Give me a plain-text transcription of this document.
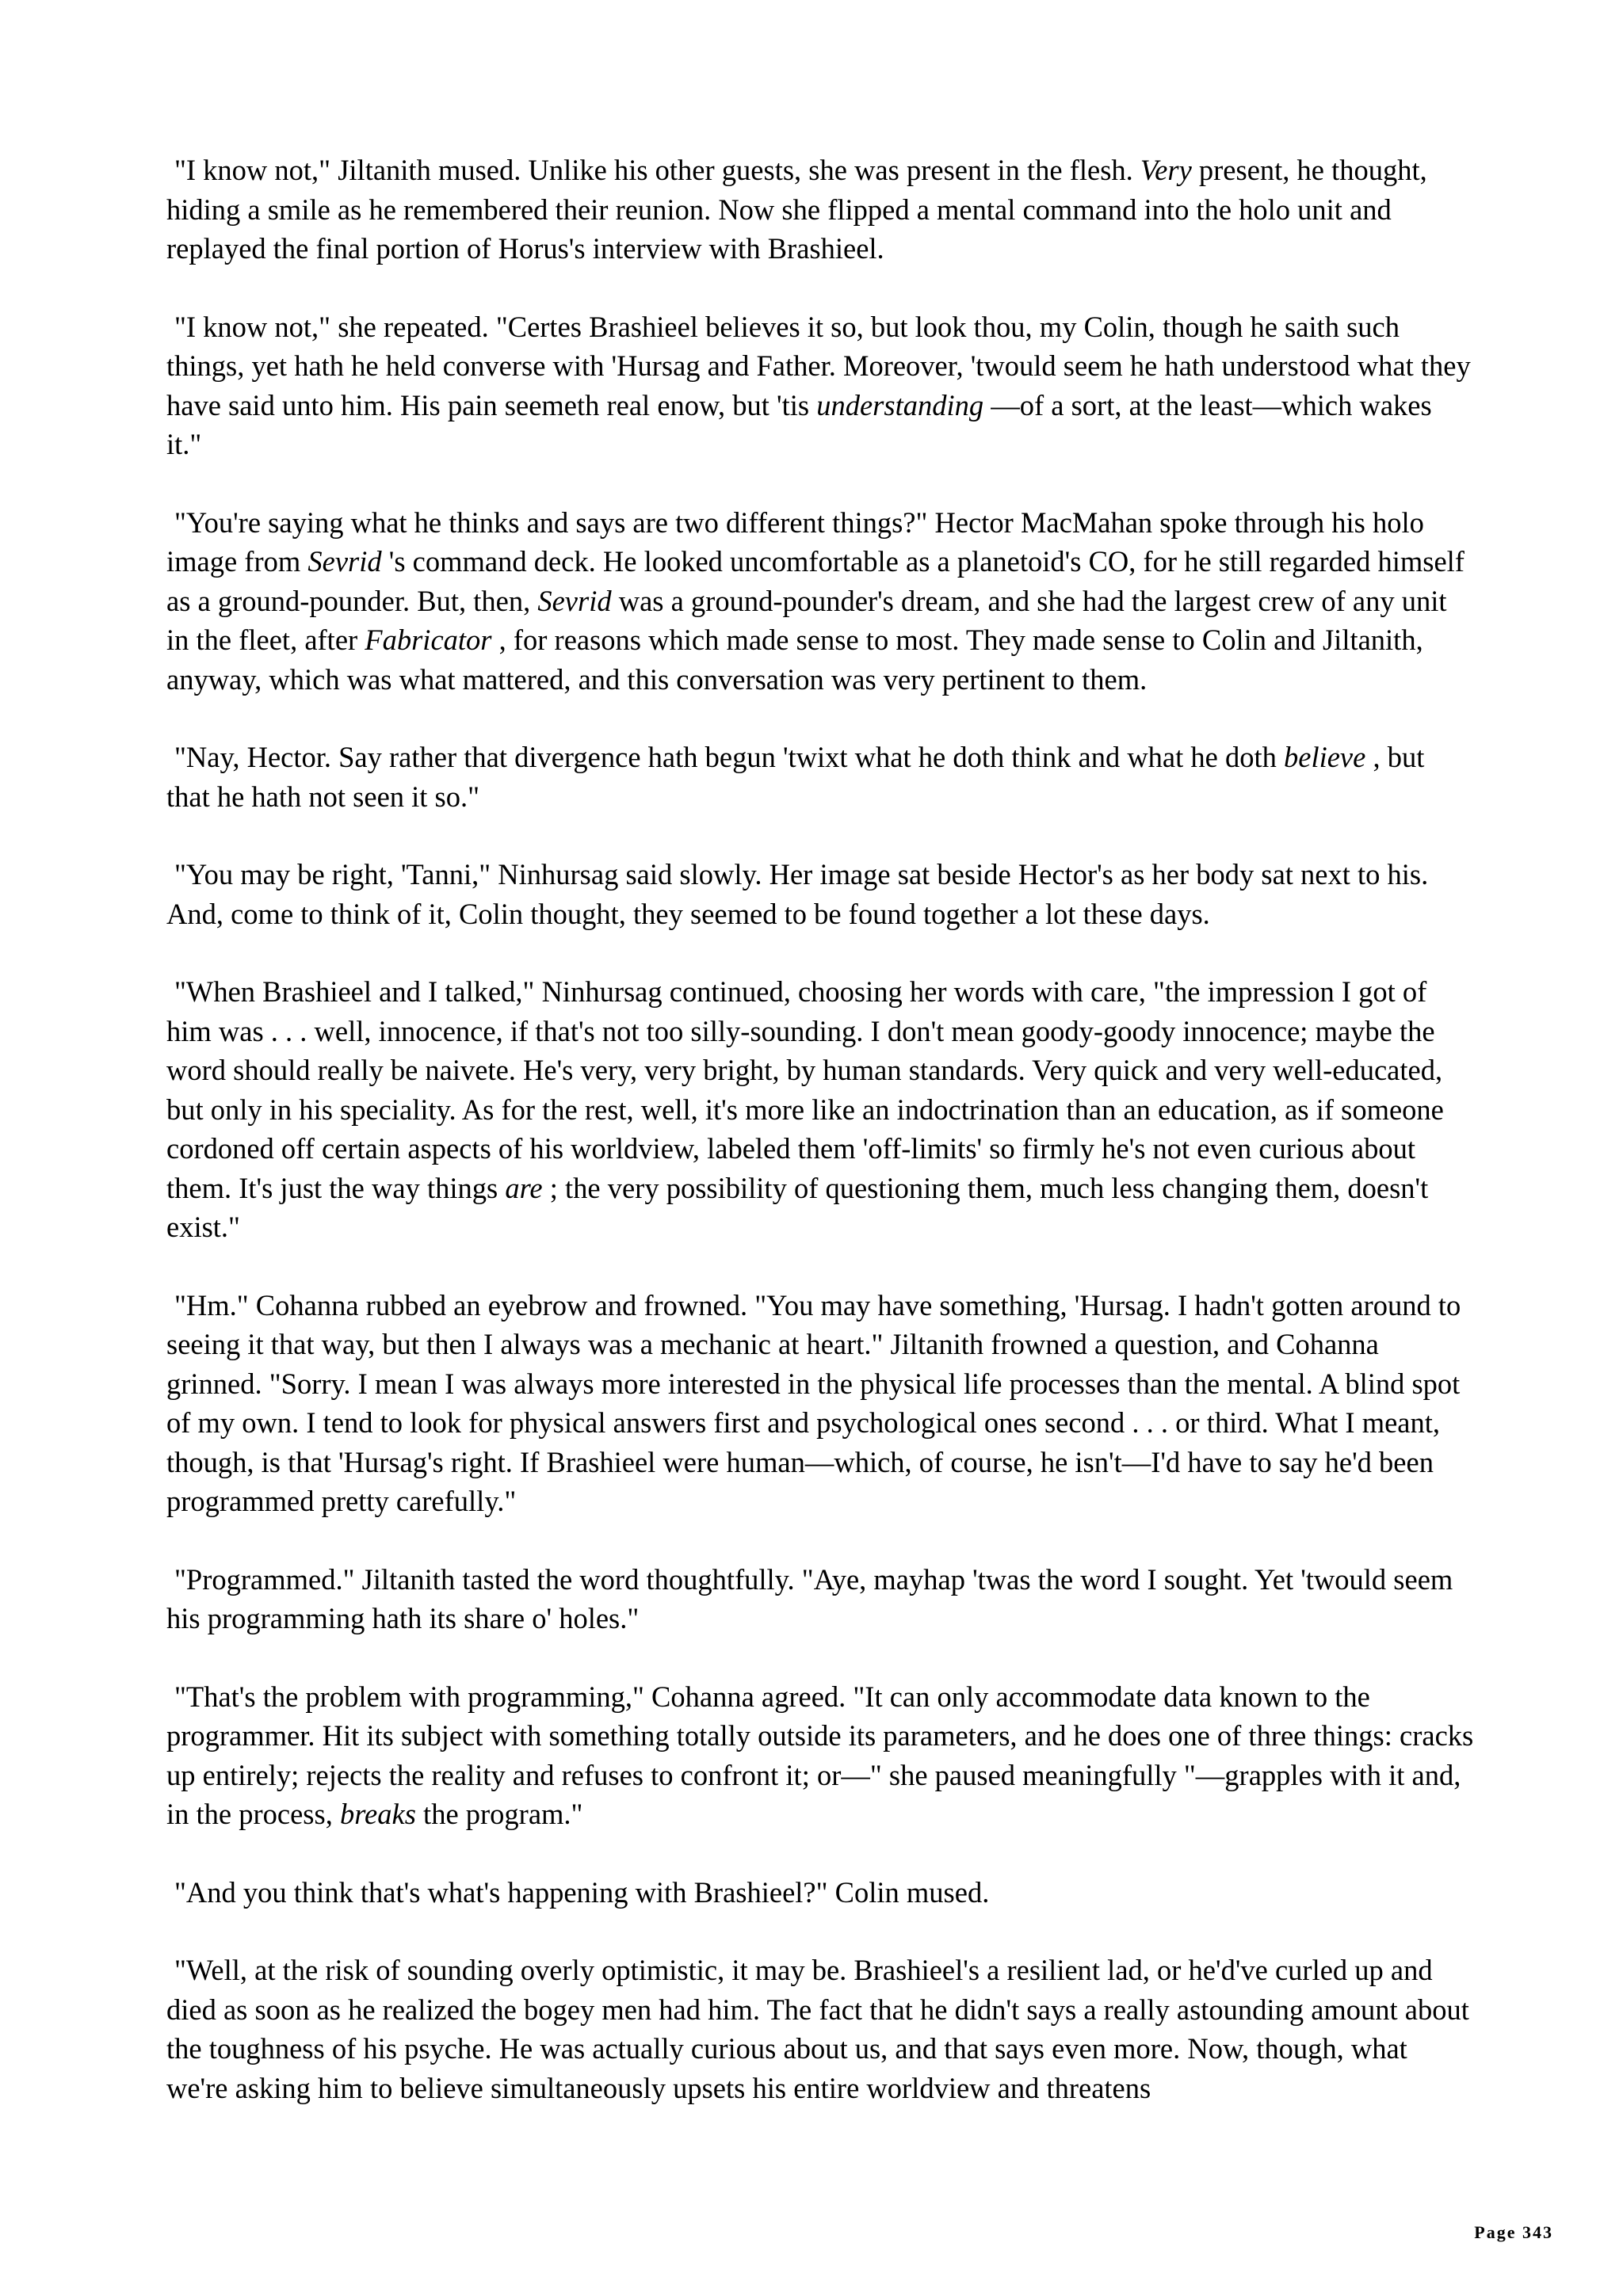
"I know not," Jiltanith mused. Unlike his other guests, she was present in the flesh. Very present, he thought, hiding a smile as he remembered their reunion. Now she flipped a mental command into the holo unit and replayed the final portion of Horus's interview with Brashieel.

"I know not," she repeated. "Certes Brashieel believes it so, but look thou, my Colin, though he saith such things, yet hath he held converse with 'Hursag and Father. Moreover, 'twould seem he hath understood what they have said unto him. His pain seemeth real enow, but 'tis understanding —of a sort, at the least—which wakes it."

"You're saying what he thinks and says are two different things?" Hector MacMahan spoke through his holo image from Sevrid 's command deck. He looked uncomfortable as a planetoid's CO, for he still regarded himself as a ground-pounder. But, then, Sevrid was a ground-pounder's dream, and she had the largest crew of any unit in the fleet, after Fabricator , for reasons which made sense to most. They made sense to Colin and Jiltanith, anyway, which was what mattered, and this conversation was very pertinent to them.

"Nay, Hector. Say rather that divergence hath begun 'twixt what he doth think and what he doth believe , but that he hath not seen it so."

"You may be right, 'Tanni," Ninhursag said slowly. Her image sat beside Hector's as her body sat next to his. And, come to think of it, Colin thought, they seemed to be found together a lot these days.

"When Brashieel and I talked," Ninhursag continued, choosing her words with care, "the impression I got of him was . . . well, innocence, if that's not too silly-sounding. I don't mean goody-goody innocence; maybe the word should really be naivete. He's very, very bright, by human standards. Very quick and very well-educated, but only in his speciality. As for the rest, well, it's more like an indoctrination than an education, as if someone cordoned off certain aspects of his worldview, labeled them 'off-limits' so firmly he's not even curious about them. It's just the way things are ; the very possibility of questioning them, much less changing them, doesn't exist."

"Hm." Cohanna rubbed an eyebrow and frowned. "You may have something, 'Hursag. I hadn't gotten around to seeing it that way, but then I always was a mechanic at heart." Jiltanith frowned a question, and Cohanna grinned. "Sorry. I mean I was always more interested in the physical life processes than the mental. A blind spot of my own. I tend to look for physical answers first and psychological ones second . . . or third. What I meant, though, is that 'Hursag's right. If Brashieel were human—which, of course, he isn't—I'd have to say he'd been programmed pretty carefully."

"Programmed." Jiltanith tasted the word thoughtfully. "Aye, mayhap 'twas the word I sought. Yet 'twould seem his programming hath its share o' holes."

"That's the problem with programming," Cohanna agreed. "It can only accommodate data known to the programmer. Hit its subject with something totally outside its parameters, and he does one of three things: cracks up entirely; rejects the reality and refuses to confront it; or—" she paused meaningfully "—grapples with it and, in the process, breaks the program."

"And you think that's what's happening with Brashieel?" Colin mused.

"Well, at the risk of sounding overly optimistic, it may be. Brashieel's a resilient lad, or he'd've curled up and died as soon as he realized the bogey men had him. The fact that he didn't says a really astounding amount about the toughness of his psyche. He was actually curious about us, and that says even more. Now, though, what we're asking him to believe simultaneously upsets his entire worldview and threatens

Page 343
